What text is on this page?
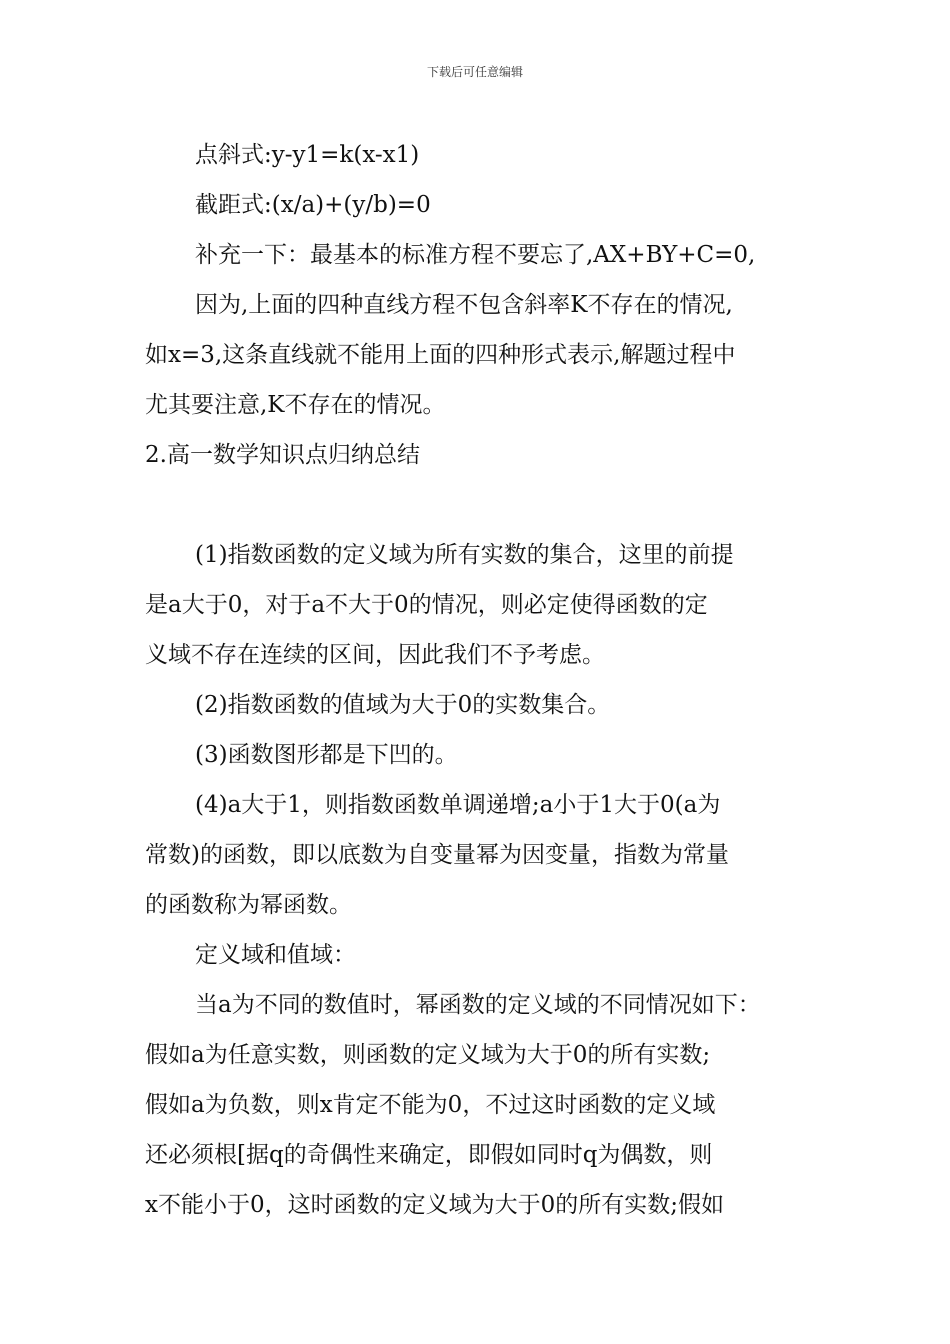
下载后可任意编辑
点斜式:y-y1=k(x-x1)
截距式:(x/a)+(y/b)=0
补充一下：最基本的标准方程不要忘了,AX+BY+C=0,
因为,上面的四种直线方程不包含斜率K不存在的情况,
如x=3,这条直线就不能用上面的四种形式表示,解题过程中
尤其要注意,K不存在的情况。
2.高一数学知识点归纳总结
(1)指数函数的定义域为所有实数的集合，这里的前提
是a大于0，对于a不大于0的情况，则必定使得函数的定
义域不存在连续的区间，因此我们不予考虑。
(2)指数函数的值域为大于0的实数集合。
(3)函数图形都是下凹的。
(4)a大于1，则指数函数单调递增;a小于1大于0(a为
常数)的函数，即以底数为自变量幂为因变量，指数为常量
的函数称为幂函数。
定义域和值域：
当a为不同的数值时，幂函数的定义域的不同情况如下：
假如a为任意实数，则函数的定义域为大于0的所有实数;
假如a为负数，则x肯定不能为0，不过这时函数的定义域
还必须根[据q的奇偶性来确定，即假如同时q为偶数，则
x不能小于0，这时函数的定义域为大于0的所有实数;假如
